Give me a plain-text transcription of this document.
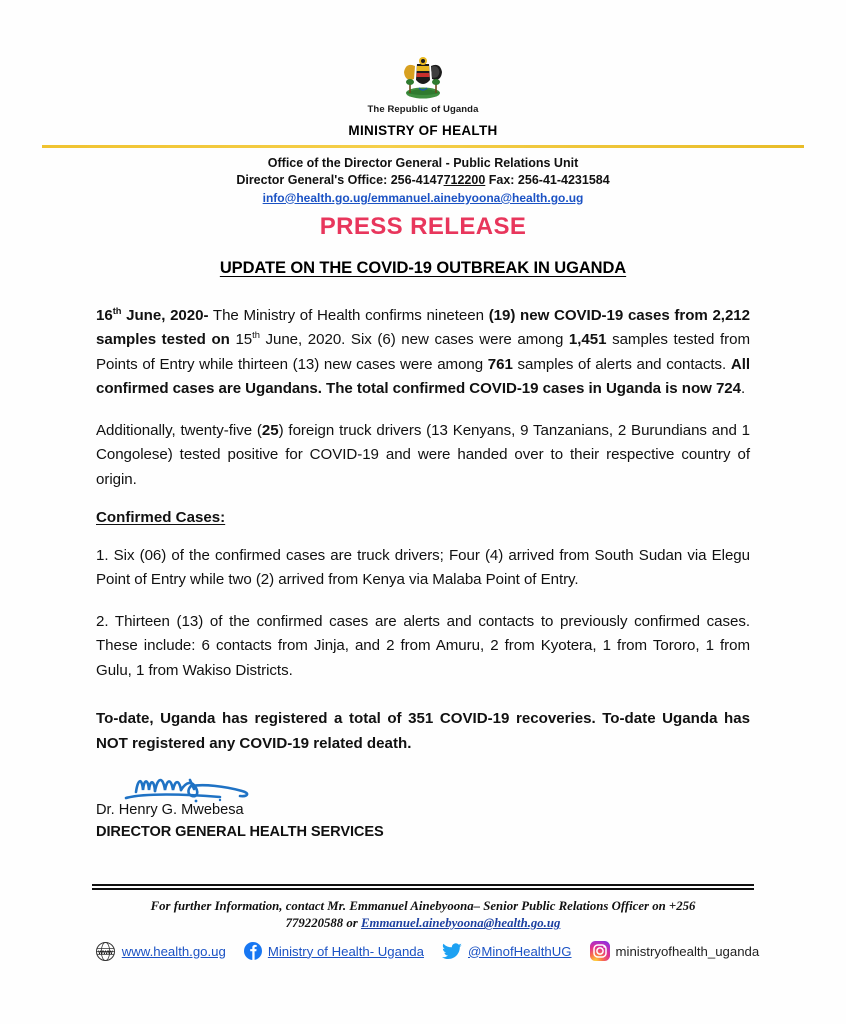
The Republic of Uganda
MINISTRY OF HEALTH
Office of the Director General - Public Relations Unit
Director General's Office: 256-4147712200 Fax: 256-41-4231584
info@health.go.ug/emmanuel.ainebyoona@health.go.ug
PRESS RELEASE
UPDATE ON THE COVID-19 OUTBREAK IN UGANDA

16th June, 2020- The Ministry of Health confirms nineteen (19) new COVID-19 cases from 2,212 samples tested on 15th June, 2020. Six (6) new cases were among 1,451 samples tested from Points of Entry while thirteen (13) new cases were among 761 samples of alerts and contacts. All confirmed cases are Ugandans. The total confirmed COVID-19 cases in Uganda is now 724.

Additionally, twenty-five (25) foreign truck drivers (13 Kenyans, 9 Tanzanians, 2 Burundians and 1 Congolese) tested positive for COVID-19 and were handed over to their respective country of origin.

Confirmed Cases:

1. Six (06) of the confirmed cases are truck drivers; Four (4) arrived from South Sudan via Elegu Point of Entry while two (2) arrived from Kenya via Malaba Point of Entry.

2. Thirteen (13) of the confirmed cases are alerts and contacts to previously confirmed cases. These include: 6 contacts from Jinja, and 2 from Amuru, 2 from Kyotera, 1 from Tororo, 1 from Gulu, 1 from Wakiso Districts.

To-date, Uganda has registered a total of 351 COVID-19 recoveries. To-date Uganda has NOT registered any COVID-19 related death.

Dr. Henry G. Mwebesa
DIRECTOR GENERAL HEALTH SERVICES
For further Information, contact Mr. Emmanuel Ainebyoona– Senior Public Relations Officer on +256
779220588 or Emmanuel.ainebyoona@health.go.ug
www www.health.go.ug	Ministry of Health- Uganda	@MinofHealthUG	ministryofhealth_uganda
